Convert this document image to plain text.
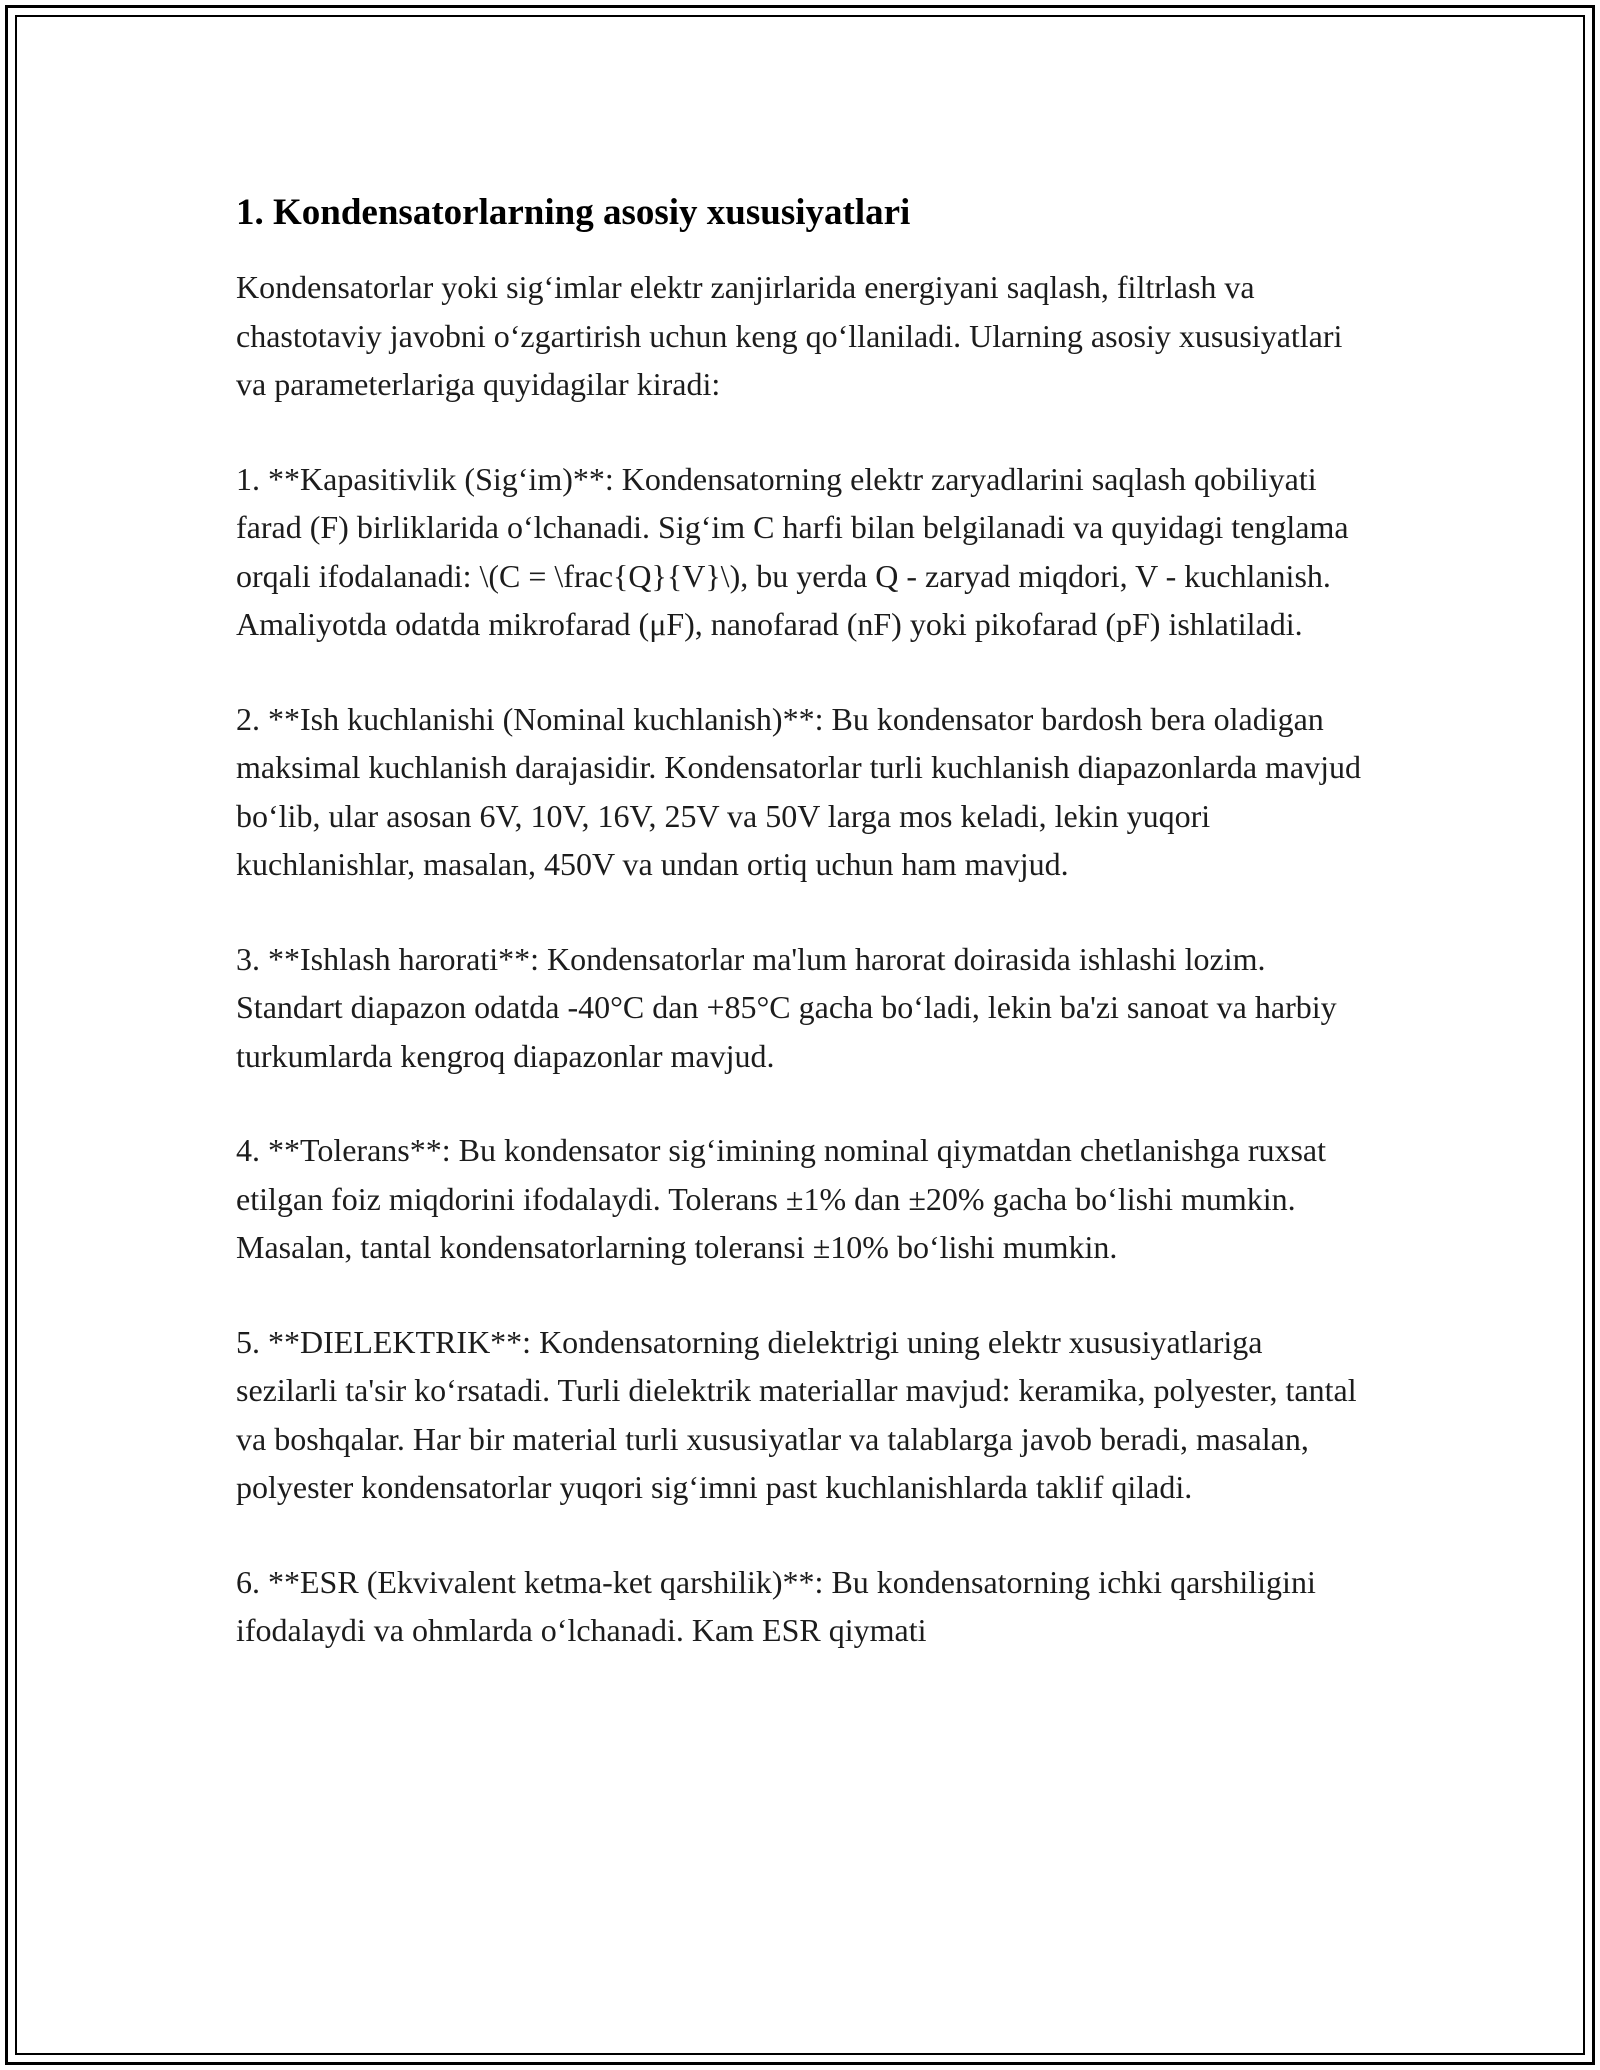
1. Kondensatorlarning asosiy xususiyatlari

Kondensatorlar yoki sig‘imlar elektr zanjirlarida energiyani saqlash, filtrlash va chastotaviy javobni o‘zgartirish uchun keng qo‘llaniladi. Ularning asosiy xususiyatlari va parameterlariga quyidagilar kiradi:

1. **Kapasitivlik (Sig‘im)**: Kondensatorning elektr zaryadlarini saqlash qobiliyati farad (F) birliklarida o‘lchanadi. Sig‘im C harfi bilan belgilanadi va quyidagi tenglama orqali ifodalanadi: \(C = \frac{Q}{V}\), bu yerda Q - zaryad miqdori, V - kuchlanish. Amaliyotda odatda mikrofarad (μF), nanofarad (nF) yoki pikofarad (pF) ishlatiladi.

2. **Ish kuchlanishi (Nominal kuchlanish)**: Bu kondensator bardosh bera oladigan maksimal kuchlanish darajasidir. Kondensatorlar turli kuchlanish diapazonlarda mavjud bo‘lib, ular asosan 6V, 10V, 16V, 25V va 50V larga mos keladi, lekin yuqori kuchlanishlar, masalan, 450V va undan ortiq uchun ham mavjud.

3. **Ishlash harorati**: Kondensatorlar ma'lum harorat doirasida ishlashi lozim. Standart diapazon odatda -40°C dan +85°C gacha bo‘ladi, lekin ba'zi sanoat va harbiy turkumlarda kengroq diapazonlar mavjud.

4. **Tolerans**: Bu kondensator sig‘imining nominal qiymatdan chetlanishga ruxsat etilgan foiz miqdorini ifodalaydi. Tolerans ±1% dan ±20% gacha bo‘lishi mumkin. Masalan, tantal kondensatorlarning toleransi ±10% bo‘lishi mumkin.

5. **DIELEKTRIK**: Kondensatorning dielektrigi uning elektr xususiyatlariga sezilarli ta'sir ko‘rsatadi. Turli dielektrik materiallar mavjud: keramika, polyester, tantal va boshqalar. Har bir material turli xususiyatlar va talablarga javob beradi, masalan, polyester kondensatorlar yuqori sig‘imni past kuchlanishlarda taklif qiladi.

6. **ESR (Ekvivalent ketma-ket qarshilik)**: Bu kondensatorning ichki qarshiligini ifodalaydi va ohmlarda o‘lchanadi. Kam ESR qiymati
